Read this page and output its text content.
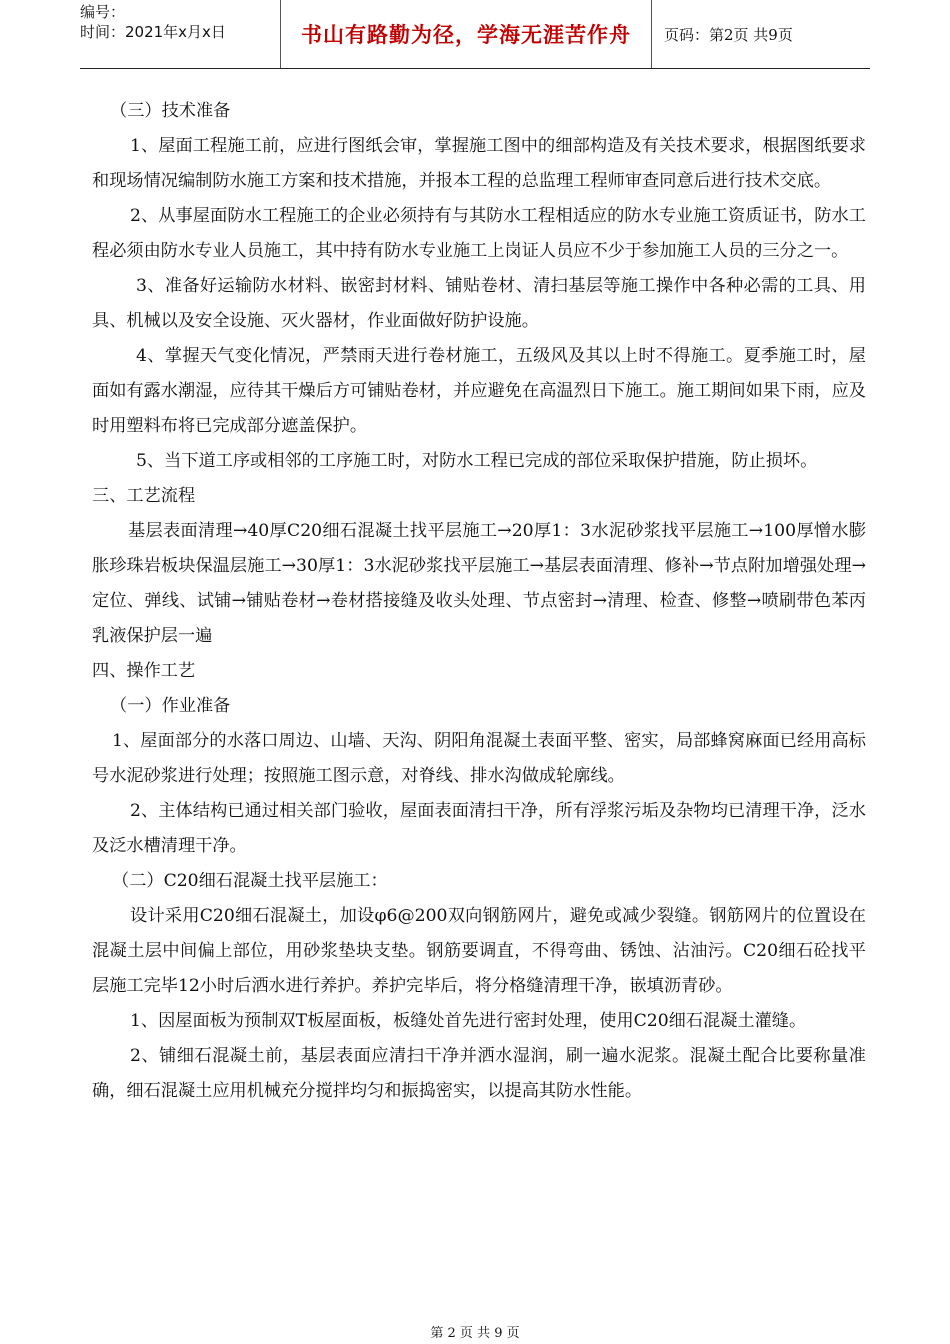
编号：
时间：2021年x月x日	书山有路勤为径，学海无涯苦作舟	页码：第2页 共9页

（三）技术准备

1、屋面工程施工前，应进行图纸会审，掌握施工图中的细部构造及有关技术要求，根据图纸要求和现场情况编制防水施工方案和技术措施，并报本工程的总监理工程师审查同意后进行技术交底。

2、从事屋面防水工程施工的企业必须持有与其防水工程相适应的防水专业施工资质证书，防水工程必须由防水专业人员施工，其中持有防水专业施工上岗证人员应不少于参加施工人员的三分之一。

3、准备好运输防水材料、嵌密封材料、铺贴卷材、清扫基层等施工操作中各种必需的工具、用具、机械以及安全设施、灭火器材，作业面做好防护设施。

4、掌握天气变化情况，严禁雨天进行卷材施工，五级风及其以上时不得施工。夏季施工时，屋面如有露水潮湿，应待其干燥后方可铺贴卷材，并应避免在高温烈日下施工。施工期间如果下雨，应及时用塑料布将已完成部分遮盖保护。

5、当下道工序或相邻的工序施工时，对防水工程已完成的部位采取保护措施，防止损坏。

三、工艺流程

基层表面清理→40厚C20细石混凝土找平层施工→20厚1：3水泥砂浆找平层施工→100厚憎水膨胀珍珠岩板块保温层施工→30厚1：3水泥砂浆找平层施工→基层表面清理、修补→节点附加增强处理→定位、弹线、试铺→铺贴卷材→卷材搭接缝及收头处理、节点密封→清理、检查、修整→喷刷带色苯丙乳液保护层一遍

四、操作工艺

（一）作业准备

1、屋面部分的水落口周边、山墙、天沟、阴阳角混凝土表面平整、密实，局部蜂窝麻面已经用高标号水泥砂浆进行处理；按照施工图示意，对脊线、排水沟做成轮廓线。

2、主体结构已通过相关部门验收，屋面表面清扫干净，所有浮浆污垢及杂物均已清理干净，泛水及泛水槽清理干净。

（二）C20细石混凝土找平层施工：

设计采用C20细石混凝土，加设φ6@200双向钢筋网片，避免或减少裂缝。钢筋网片的位置设在混凝土层中间偏上部位，用砂浆垫块支垫。钢筋要调直，不得弯曲、锈蚀、沾油污。C20细石砼找平层施工完毕12小时后洒水进行养护。养护完毕后，将分格缝清理干净，嵌填沥青砂。

1、因屋面板为预制双T板屋面板，板缝处首先进行密封处理，使用C20细石混凝土灌缝。

2、铺细石混凝土前，基层表面应清扫干净并洒水湿润，刷一遍水泥浆。混凝土配合比要称量准确，细石混凝土应用机械充分搅拌均匀和振捣密实，以提高其防水性能。

第 2 页 共 9 页
